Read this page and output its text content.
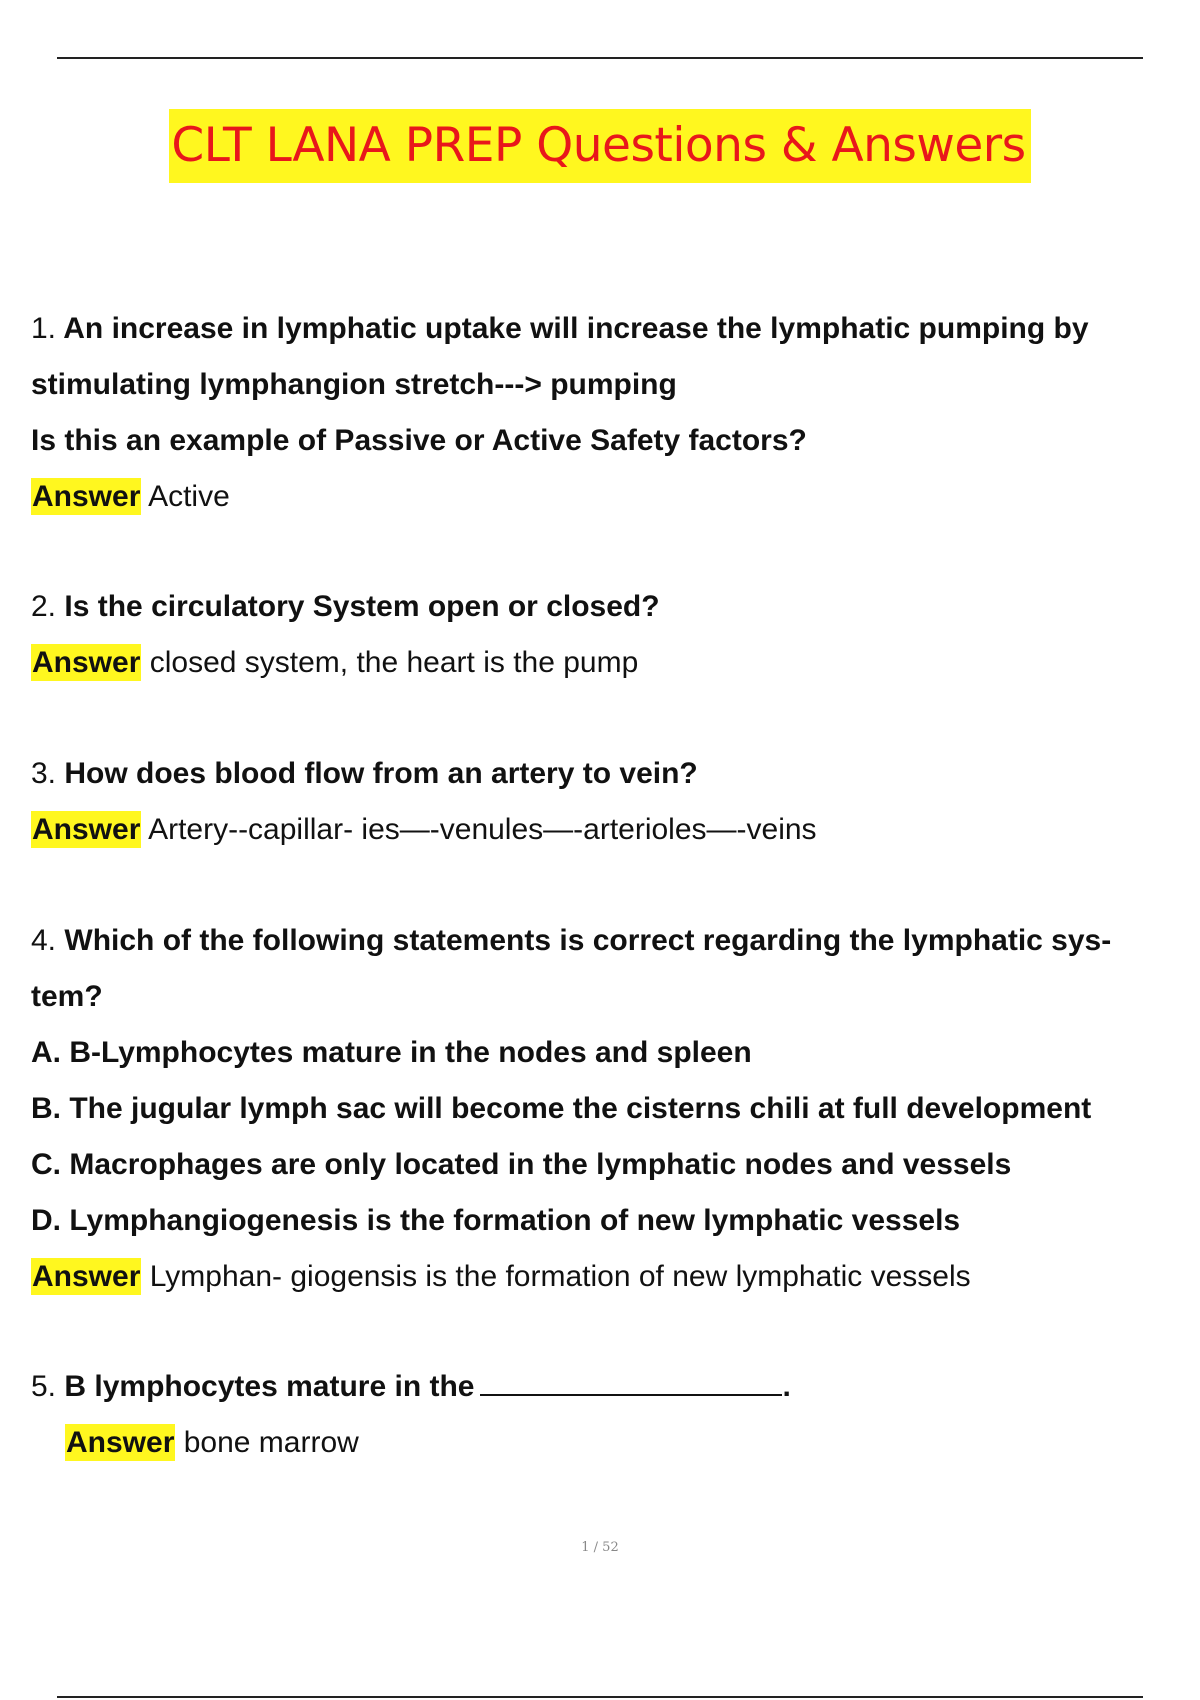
CLT LANA PREP Questions & Answers
1. An increase in lymphatic uptake will increase the lymphatic pumping by
stimulating lymphangion stretch---> pumping
Is this an example of Passive or Active Safety factors?
Answer Active
2. Is the circulatory System open or closed?
Answer closed system, the heart is the pump
3. How does blood flow from an artery to vein?
Answer Artery--capillar- ies—-venules—-arterioles—-veins
4. Which of the following statements is correct regarding the lymphatic sys-
tem?
A. B-Lymphocytes mature in the nodes and spleen
B. The jugular lymph sac will become the cisterns chili at full development
C. Macrophages are only located in the lymphatic nodes and vessels
D. Lymphangiogenesis is the formation of new lymphatic vessels
Answer Lymphan- giogensis is the formation of new lymphatic vessels
5. B lymphocytes mature in the	.
Answer bone marrow
1 / 52
